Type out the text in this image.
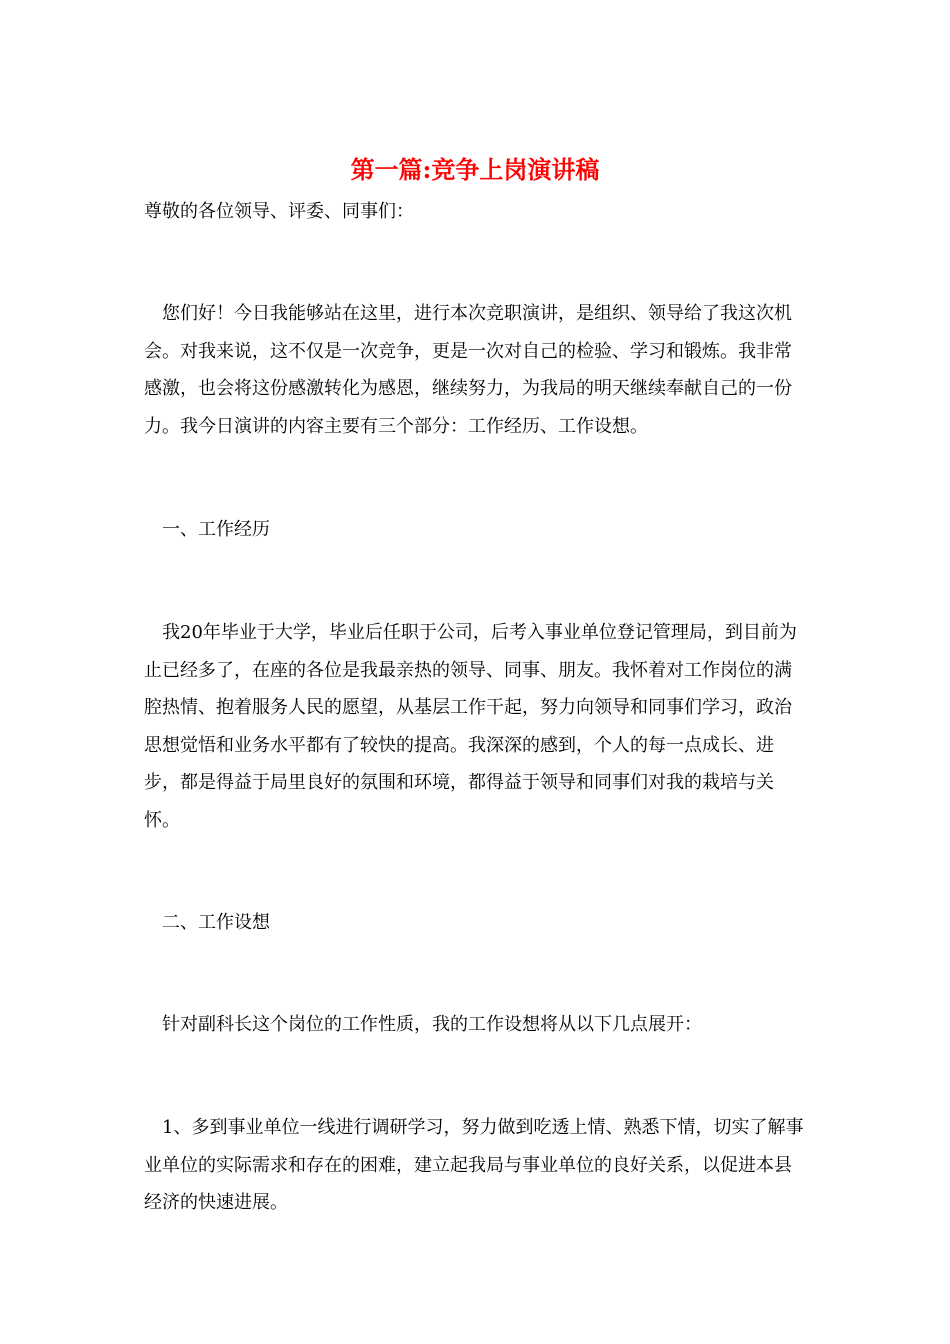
第一篇:竞争上岗演讲稿

尊敬的各位领导、评委、同事们：

您们好！今日我能够站在这里，进行本次竞职演讲，是组织、领导给了我这次机会。对我来说，这不仅是一次竞争，更是一次对自己的检验、学习和锻炼。我非常感激，也会将这份感激转化为感恩，继续努力，为我局的明天继续奉献自己的一份力。我今日演讲的内容主要有三个部分：工作经历、工作设想。

一、工作经历

我20年毕业于大学，毕业后任职于公司，后考入事业单位登记管理局，到目前为止已经多了，在座的各位是我最亲热的领导、同事、朋友。我怀着对工作岗位的满腔热情、抱着服务人民的愿望，从基层工作干起，努力向领导和同事们学习，政治思想觉悟和业务水平都有了较快的提高。我深深的感到，个人的每一点成长、进步，都是得益于局里良好的氛围和环境，都得益于领导和同事们对我的栽培与关怀。

二、工作设想

针对副科长这个岗位的工作性质，我的工作设想将从以下几点展开：

1、多到事业单位一线进行调研学习，努力做到吃透上情、熟悉下情，切实了解事业单位的实际需求和存在的困难，建立起我局与事业单位的良好关系，以促进本县经济的快速进展。
